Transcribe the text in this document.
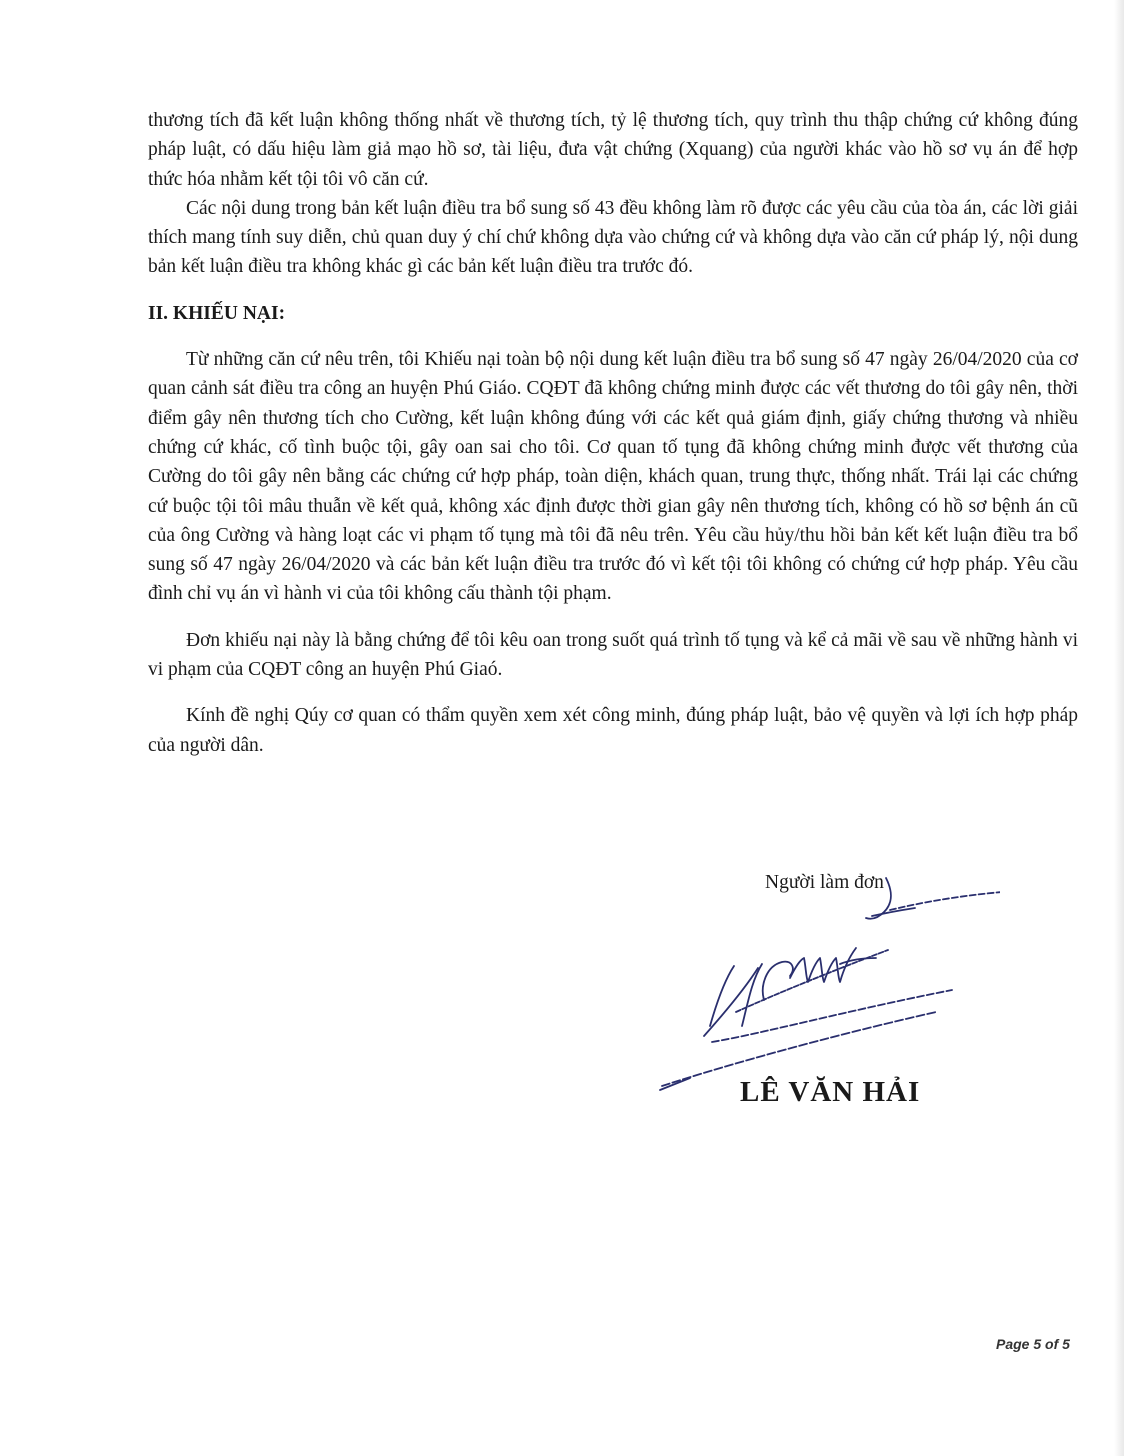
thương tích đã kết luận không thống nhất về thương tích, tỷ lệ thương tích, quy trình thu thập chứng cứ không đúng pháp luật, có dấu hiệu làm giả mạo hồ sơ, tài liệu, đưa vật chứng (Xquang) của người khác vào hồ sơ vụ án để hợp thức hóa nhằm kết tội tôi vô căn cứ.

Các nội dung trong bản kết luận điều tra bổ sung số 43 đều không làm rõ được các yêu cầu của tòa án, các lời giải thích mang tính suy diễn, chủ quan duy ý chí chứ không dựa vào chứng cứ và không dựa vào căn cứ pháp lý, nội dung bản kết luận điều tra không khác gì các bản kết luận điều tra trước đó.

II. KHIẾU NẠI:

Từ những căn cứ nêu trên, tôi Khiếu nại toàn bộ nội dung kết luận điều tra bổ sung số 47 ngày 26/04/2020 của cơ quan cảnh sát điều tra công an huyện Phú Giáo. CQĐT đã không chứng minh được các vết thương do tôi gây nên, thời điểm gây nên thương tích cho Cường, kết luận không đúng với các kết quả giám định, giấy chứng thương và nhiều chứng cứ khác, cố tình buộc tội, gây oan sai cho tôi. Cơ quan tố tụng đã không chứng minh được vết thương của Cường do tôi gây nên bằng các chứng cứ hợp pháp, toàn diện, khách quan, trung thực, thống nhất. Trái lại các chứng cứ buộc tội tôi mâu thuẫn về kết quả, không xác định được thời gian gây nên thương tích, không có hồ sơ bệnh án cũ của ông Cường và hàng loạt các vi phạm tố tụng mà tôi đã nêu trên. Yêu cầu hủy/thu hồi bản kết kết luận điều tra bổ sung số 47 ngày 26/04/2020 và các bản kết luận điều tra trước đó vì kết tội tôi không có chứng cứ hợp pháp. Yêu cầu đình chỉ vụ án vì hành vi của tôi không cấu thành tội phạm.

Đơn khiếu nại này là bằng chứng để tôi kêu oan trong suốt quá trình tố tụng và kể cả mãi về sau về những hành vi vi phạm của CQĐT công an huyện Phú Giaó.

Kính đề nghị Qúy cơ quan có thẩm quyền xem xét công minh, đúng pháp luật, bảo vệ quyền và lợi ích hợp pháp của người dân.

Người làm đơn
LÊ VĂN HẢI
Page 5 of 5
